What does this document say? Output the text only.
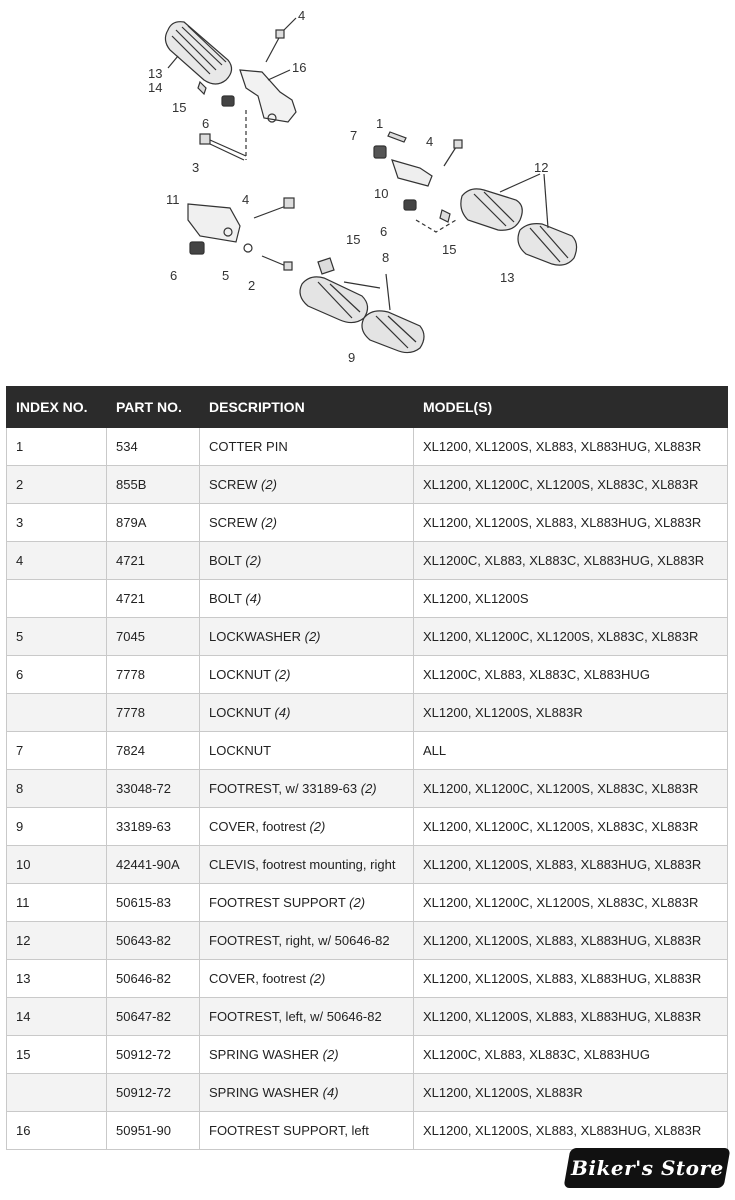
13
14
15
6
3
4
16
1
7	4
10
6
15
12
13
11	4
6	5
2
15
8
9
INDEX NO.	PART NO.	DESCRIPTION	MODEL(S)
1	534	COTTER PIN	XL1200, XL1200S, XL883, XL883HUG, XL883R
2	855B	SCREW (2)	XL1200, XL1200C, XL1200S, XL883C, XL883R
3	879A	SCREW (2)	XL1200, XL1200S, XL883, XL883HUG, XL883R
4	4721	BOLT (2)	XL1200C, XL883, XL883C, XL883HUG, XL883R
	4721	BOLT (4)	XL1200, XL1200S
5	7045	LOCKWASHER (2)	XL1200, XL1200C, XL1200S, XL883C, XL883R
6	7778	LOCKNUT (2)	XL1200C, XL883, XL883C, XL883HUG
	7778	LOCKNUT (4)	XL1200, XL1200S, XL883R
7	7824	LOCKNUT	ALL
8	33048-72	FOOTREST, w/ 33189-63 (2)	XL1200, XL1200C, XL1200S, XL883C, XL883R
9	33189-63	COVER, footrest (2)	XL1200, XL1200C, XL1200S, XL883C, XL883R
10	42441-90A	CLEVIS, footrest mounting, right	XL1200, XL1200S, XL883, XL883HUG, XL883R
11	50615-83	FOOTREST SUPPORT (2)	XL1200, XL1200C, XL1200S, XL883C, XL883R
12	50643-82	FOOTREST, right, w/ 50646-82	XL1200, XL1200S, XL883, XL883HUG, XL883R
13	50646-82	COVER, footrest (2)	XL1200, XL1200S, XL883, XL883HUG, XL883R
14	50647-82	FOOTREST, left, w/ 50646-82	XL1200, XL1200S, XL883, XL883HUG, XL883R
15	50912-72	SPRING WASHER (2)	XL1200C, XL883, XL883C, XL883HUG
	50912-72	SPRING WASHER (4)	XL1200, XL1200S, XL883R
16	50951-90	FOOTREST SUPPORT, left	XL1200, XL1200S, XL883, XL883HUG, XL883R
Biker's Store
